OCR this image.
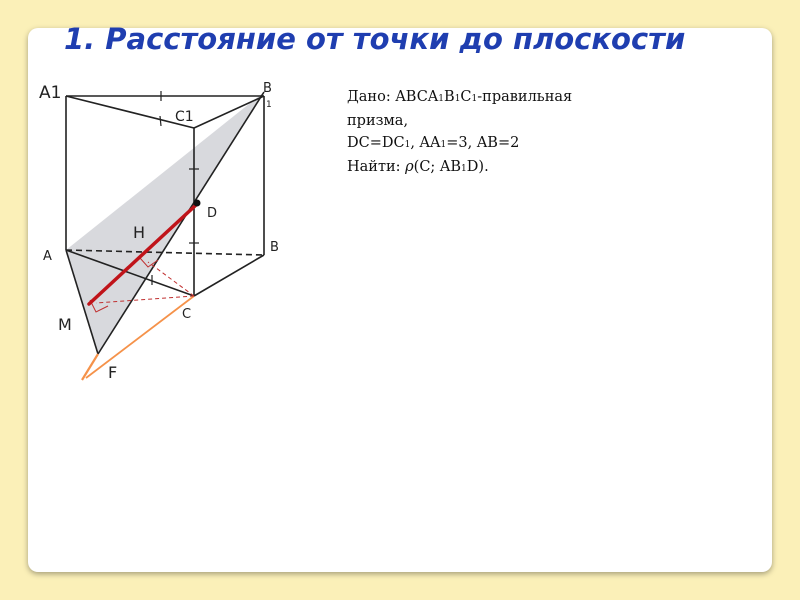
1. Расстояние от точки до плоскости
Дано: ABCA1B1C1-правильная
призма,
DC=DC1, AA1=3, AB=2
Найти: ρ(C; AB1D).
A1	B
1
C1
D
H
A
B
C
M
F
